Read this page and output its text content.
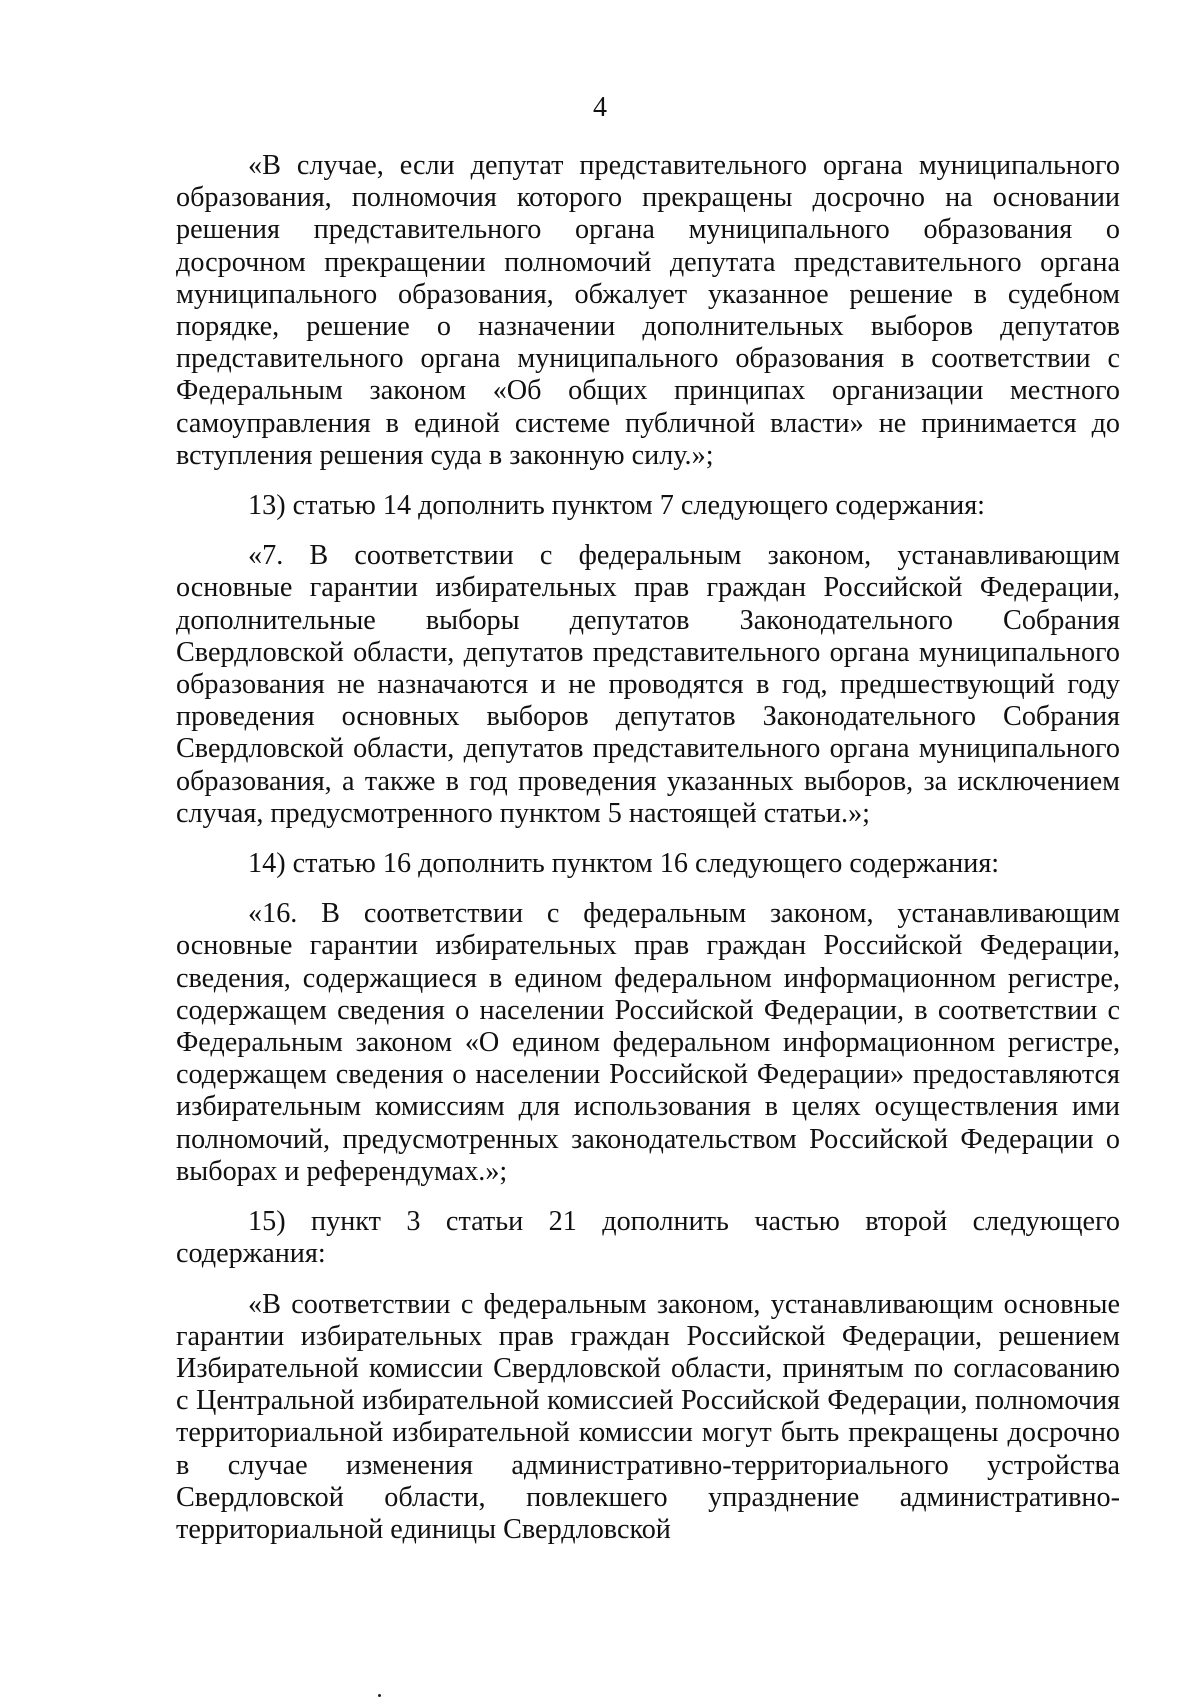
4

«В случае, если депутат представительного органа муниципального образования, полномочия которого прекращены досрочно на основании решения представительного органа муниципального образования о досрочном прекращении полномочий депутата представительного органа муниципального образования, обжалует указанное решение в судебном порядке, решение о назначении дополнительных выборов депутатов представительного органа муниципального образования в соответствии с Федеральным законом «Об общих принципах организации местного самоуправления в единой системе публичной власти» не принимается до вступления решения суда в законную силу.»;

13) статью 14 дополнить пунктом 7 следующего содержания:

«7. В соответствии с федеральным законом, устанавливающим основные гарантии избирательных прав граждан Российской Федерации, дополнительные выборы депутатов Законодательного Собрания Свердловской области, депутатов представительного органа муниципального образования не назначаются и не проводятся в год, предшествующий году проведения основных выборов депутатов Законодательного Собрания Свердловской области, депутатов представительного органа муниципального образования, а также в год проведения указанных выборов, за исключением случая, предусмотренного пунктом 5 настоящей статьи.»;

14) статью 16 дополнить пунктом 16 следующего содержания:

«16. В соответствии с федеральным законом, устанавливающим основные гарантии избирательных прав граждан Российской Федерации, сведения, содержащиеся в едином федеральном информационном регистре, содержащем сведения о населении Российской Федерации, в соответствии с Федеральным законом «О едином федеральном информационном регистре, содержащем сведения о населении Российской Федерации» предоставляются избирательным комиссиям для использования в целях осуществления ими полномочий, предусмотренных законодательством Российской Федерации о выборах и референдумах.»;

15) пункт 3 статьи 21 дополнить частью второй следующего содержания:

«В соответствии с федеральным законом, устанавливающим основные гарантии избирательных прав граждан Российской Федерации, решением Избирательной комиссии Свердловской области, принятым по согласованию с Центральной избирательной комиссией Российской Федерации, полномочия территориальной избирательной комиссии могут быть прекращены досрочно в случае изменения административно-территориального устройства Свердловской области, повлекшего упразднение административно-территориальной единицы Свердловской
